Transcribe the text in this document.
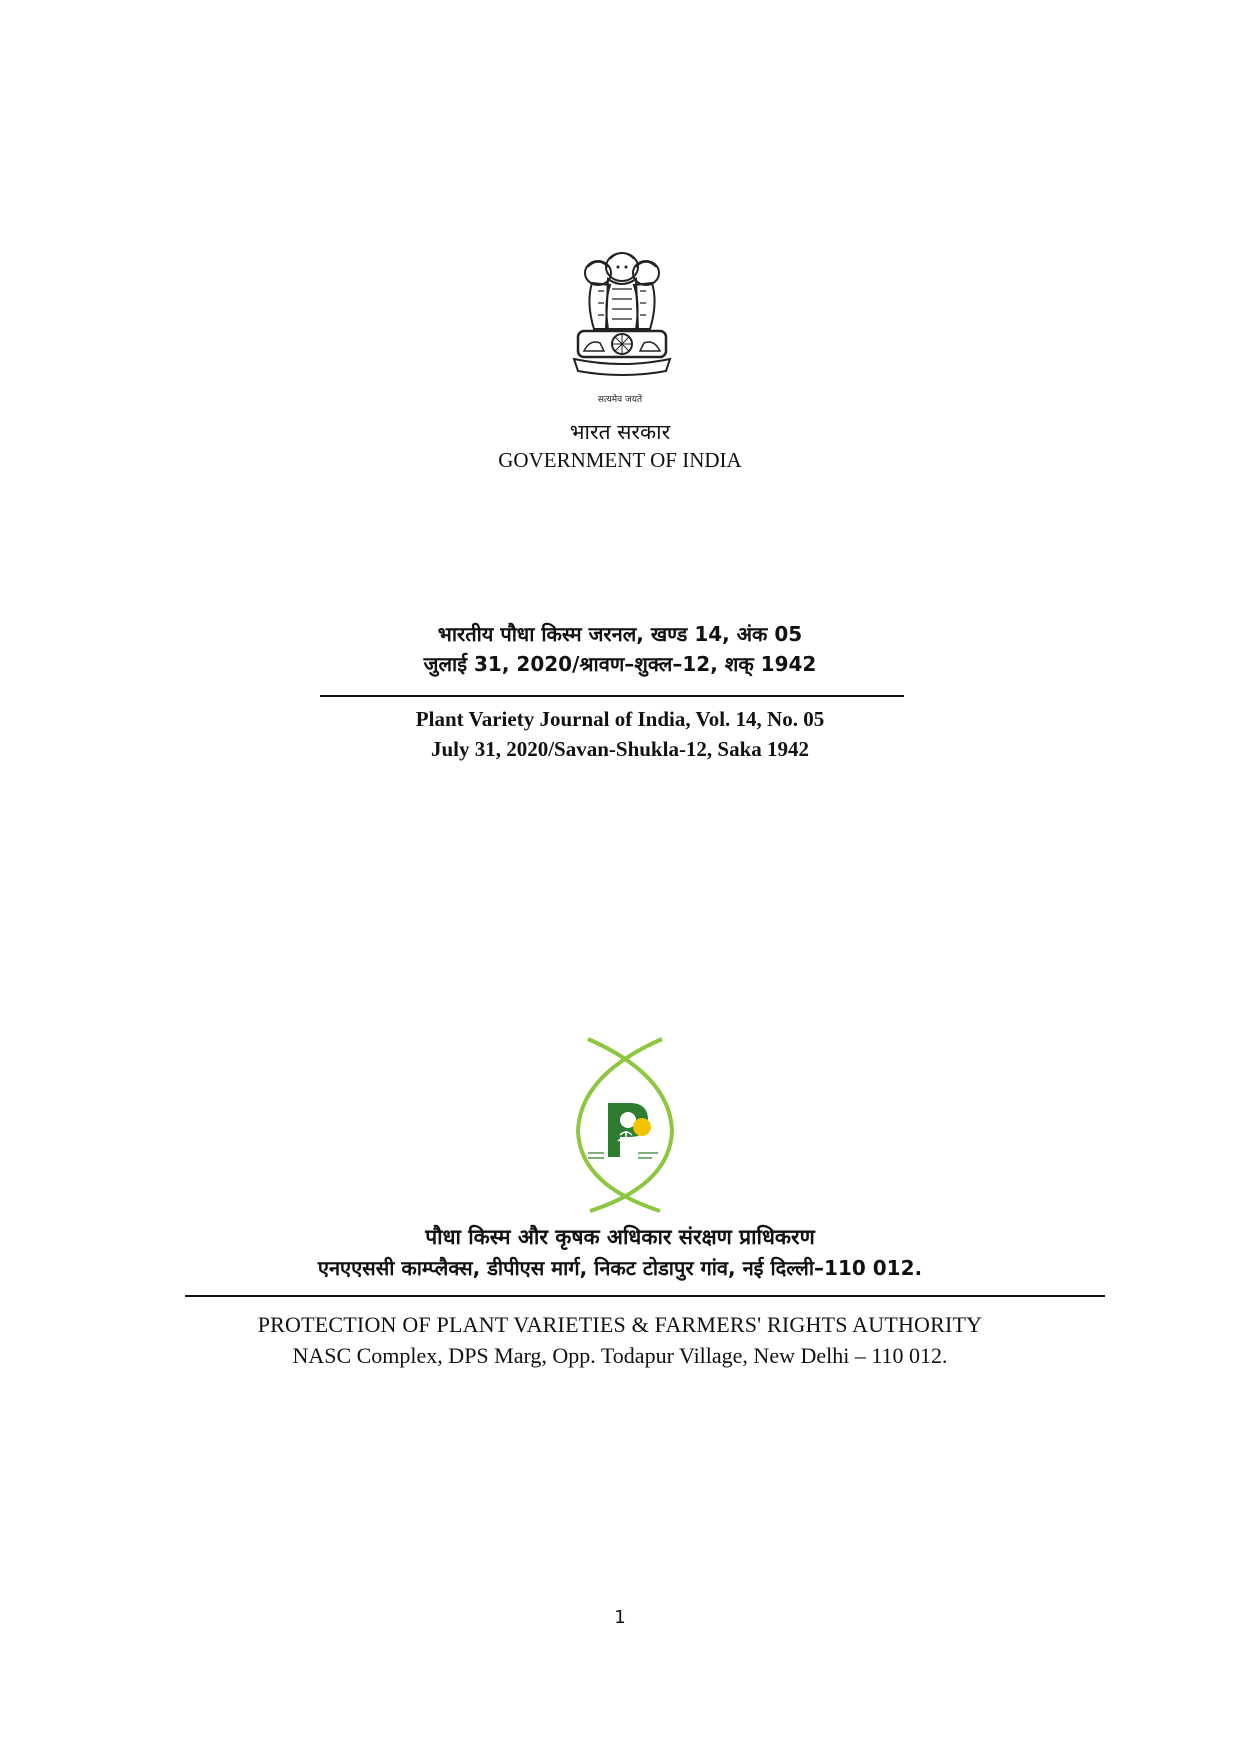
सत्यमेव जयते
भारत सरकार
GOVERNMENT OF INDIA
भारतीय पौधा किस्म जरनल, खण्ड 14, अंक 05
जुलाई 31, 2020/श्रावण–शुक्ल–12, शक् 1942
Plant Variety Journal of India, Vol. 14, No. 05
July 31, 2020/Savan-Shukla-12, Saka 1942
पौधा किस्म और कृषक अधिकार संरक्षण प्राधिकरण
एनएएससी काम्प्लैक्स, डीपीएस मार्ग, निकट टोडापुर गांव, नई दिल्ली–110 012.
PROTECTION OF PLANT VARIETIES & FARMERS' RIGHTS AUTHORITY
NASC Complex, DPS Marg, Opp. Todapur Village, New Delhi – 110 012.
1
